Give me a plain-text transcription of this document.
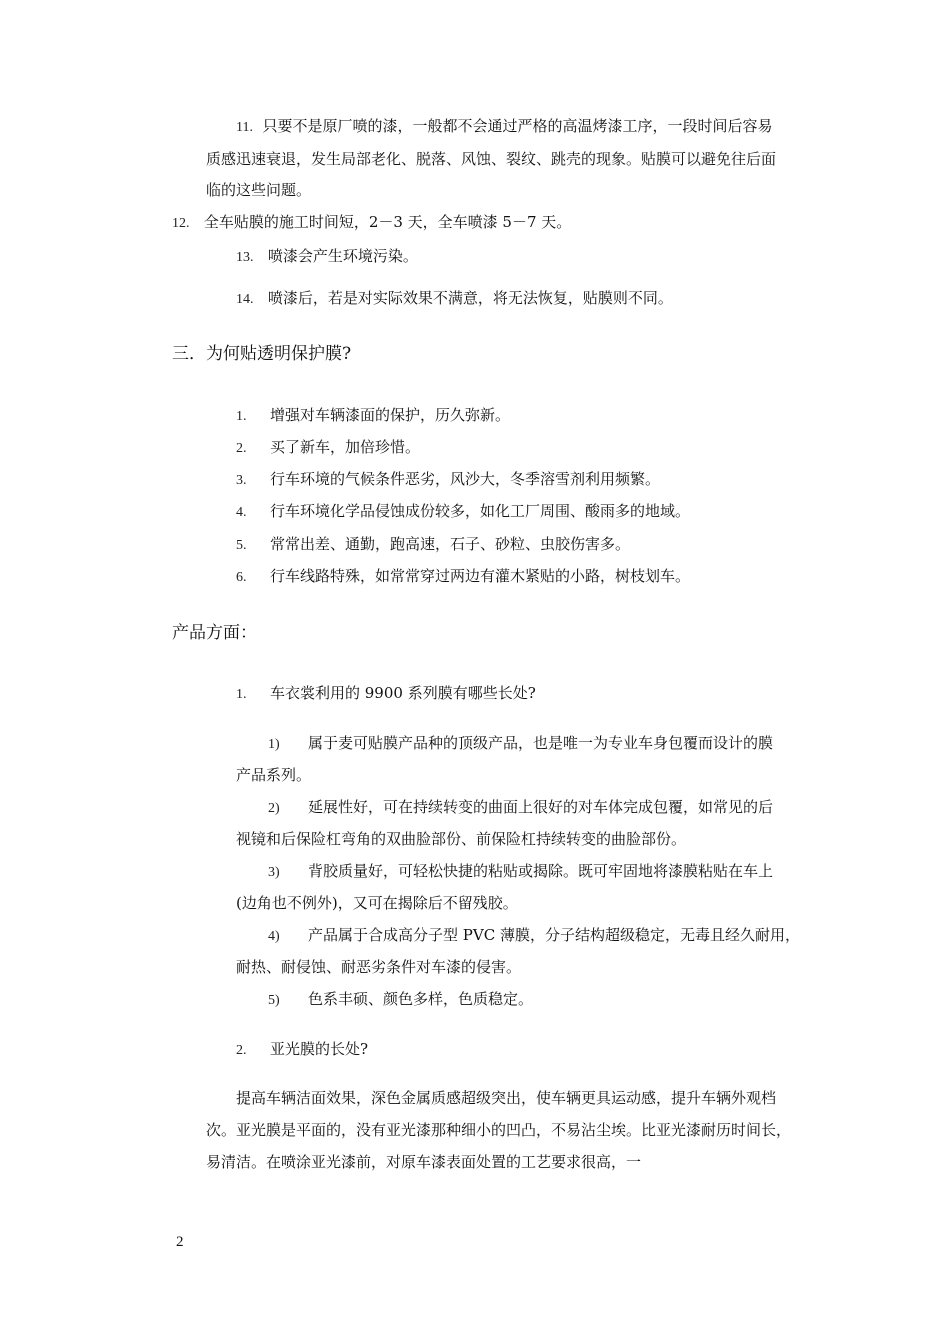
11. 只要不是原厂喷的漆，一般都不会通过严格的高温烤漆工序，一段时间后容易
质感迅速衰退，发生局部老化、脱落、风蚀、裂纹、跳壳的现象。贴膜可以避免往后面
临的这些问题。
12. 全车贴膜的施工时间短，2－3 天，全车喷漆 5－7 天。
13. 喷漆会产生环境污染。
14. 喷漆后，若是对实际效果不满意，将无法恢复，贴膜则不同。
三．为何贴透明保护膜?
1. 增强对车辆漆面的保护，历久弥新。
2. 买了新车，加倍珍惜。
3. 行车环境的气候条件恶劣，风沙大，冬季溶雪剂利用频繁。
4. 行车环境化学品侵蚀成份较多，如化工厂周围、酸雨多的地域。
5. 常常出差、通勤，跑高速，石子、砂粒、虫胶伤害多。
6. 行车线路特殊，如常常穿过两边有灌木紧贴的小路，树枝划车。
产品方面：
1. 车衣裳利用的 9900 系列膜有哪些长处?
1) 属于麦可贴膜产品种的顶级产品，也是唯一为专业车身包覆而设计的膜
产品系列。
2) 延展性好，可在持续转变的曲面上很好的对车体完成包覆，如常见的后
视镜和后保险杠弯角的双曲脸部份、前保险杠持续转变的曲脸部份。
3) 背胶质量好，可轻松快捷的粘贴或揭除。既可牢固地将漆膜粘贴在车上
(边角也不例外)，又可在揭除后不留残胶。
4) 产品属于合成高分子型 PVC 薄膜，分子结构超级稳定，无毒且经久耐用，
耐热、耐侵蚀、耐恶劣条件对车漆的侵害。
5) 色系丰硕、颜色多样，色质稳定。
2. 亚光膜的长处?
提高车辆洁面效果，深色金属质感超级突出，使车辆更具运动感，提升车辆外观档
次。亚光膜是平面的，没有亚光漆那种细小的凹凸，不易沾尘埃。比亚光漆耐历时间长，
易清洁。在喷涂亚光漆前，对原车漆表面处置的工艺要求很高，一
2
